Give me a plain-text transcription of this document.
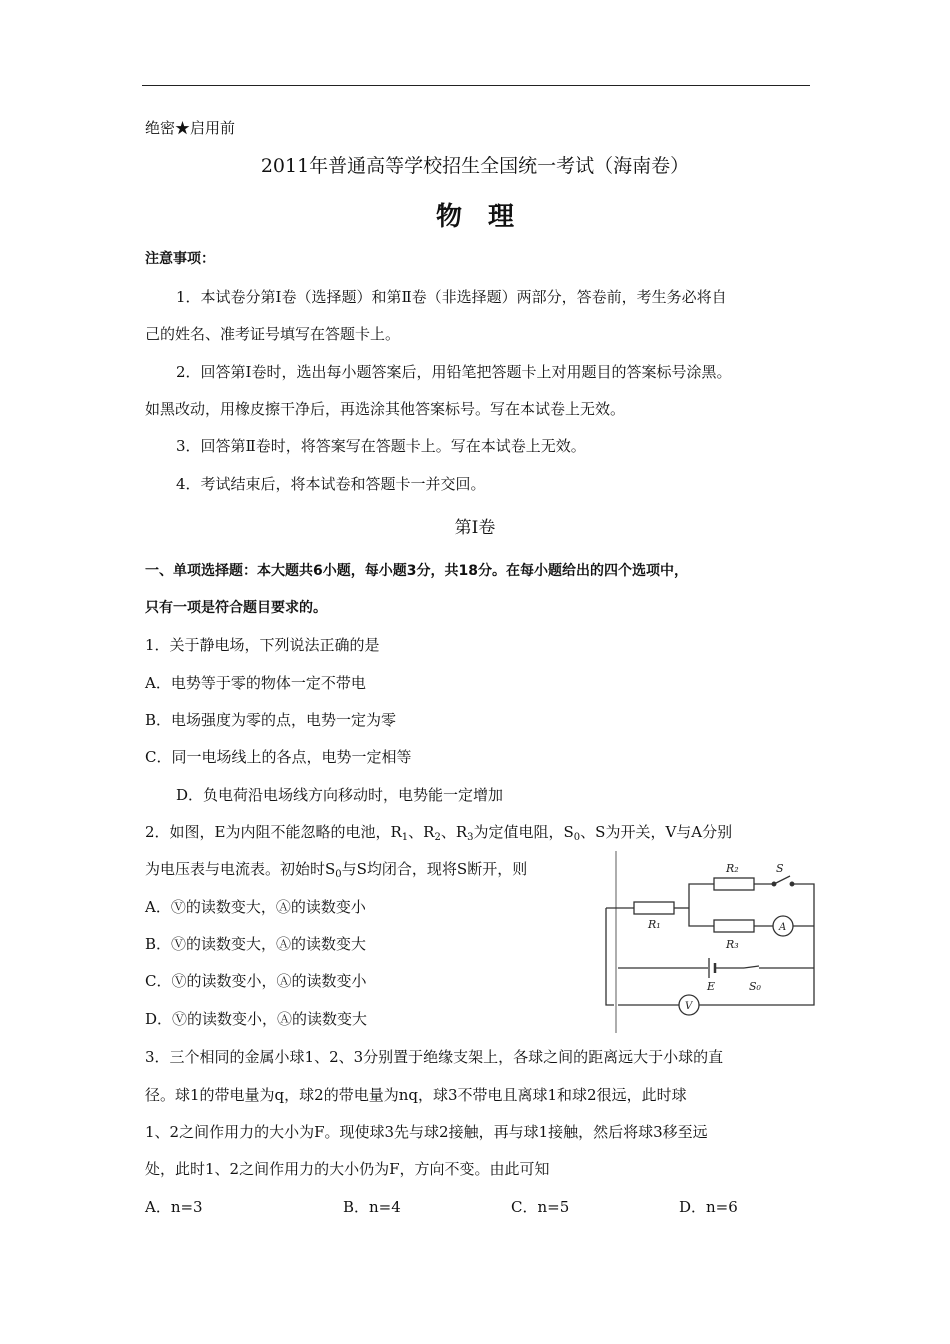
绝密★启用前
2011年普通高等学校招生全国统一考试（海南卷）
物　理
注意事项：
1．本试卷分第Ⅰ卷（选择题）和第Ⅱ卷（非选择题）两部分，答卷前，考生务必将自
己的姓名、准考证号填写在答题卡上。
2．回答第Ⅰ卷时，选出每小题答案后，用铅笔把答题卡上对用题目的答案标号涂黑。
如黑改动，用橡皮擦干净后，再选涂其他答案标号。写在本试卷上无效。
3．回答第Ⅱ卷时，将答案写在答题卡上。写在本试卷上无效。
4．考试结束后，将本试卷和答题卡一并交回。
第Ⅰ卷
一、单项选择题：本大题共6小题，每小题3分，共18分。在每小题给出的四个选项中，
只有一项是符合题目要求的。
1．关于静电场，下列说法正确的是
A．电势等于零的物体一定不带电
B．电场强度为零的点，电势一定为零
C．同一电场线上的各点，电势一定相等
D．负电荷沿电场线方向移动时，电势能一定增加
2．如图，E为内阻不能忽略的电池，$R_1$、$R_2$、$R_3$为定值电阻，$S_0$、S为开关，V与A分别
为电压表与电流表。初始时$S_0$与S均闭合，现将S断开，则
A．Ⓥ的读数变大，Ⓐ的读数变小
B．Ⓥ的读数变大，Ⓐ的读数变大
C．Ⓥ的读数变小，Ⓐ的读数变小
D．Ⓥ的读数变小，Ⓐ的读数变大
R₁
R₂
R₃
S
A
E	S₀
V
3．三个相同的金属小球1、2、3分别置于绝缘支架上，各球之间的距离远大于小球的直
径。球1的带电量为q，球2的带电量为nq，球3不带电且离球1和球2很远，此时球
1、2之间作用力的大小为F。现使球3先与球2接触，再与球1接触，然后将球3移至远
处，此时1、2之间作用力的大小仍为F，方向不变。由此可知
A．n=3	B．n=4	C．n=5	D．n=6
